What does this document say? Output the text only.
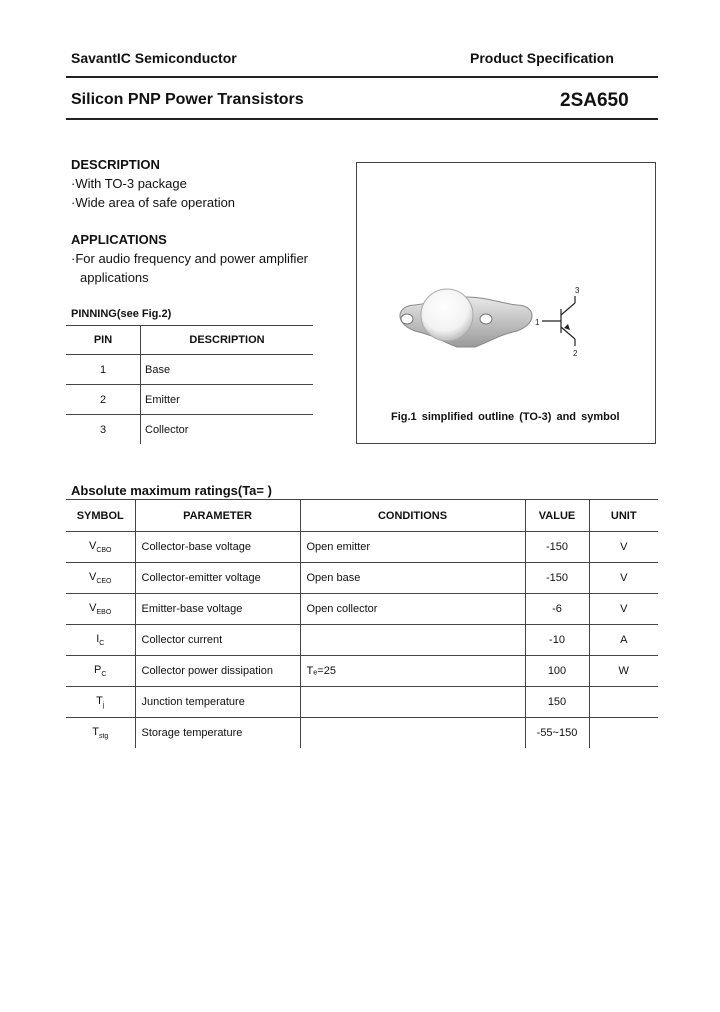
SavantIC Semiconductor	Product Specification
Silicon PNP Power Transistors	2SA650
DESCRIPTION
·With TO-3 package
·Wide area of safe operation
APPLICATIONS
·For audio frequency and power amplifier
applications
PINNING(see Fig.2)
PIN	DESCRIPTION
1	Base
2	Emitter
3	Collector
1
3
2
Fig.1 simplified outline (TO-3) and symbol
Absolute maximum ratings(Ta= )
SYMBOL	PARAMETER	CONDITIONS	VALUE	UNIT
$V_{CBO}$	Collector-base voltage	Open emitter	-150	V
$V_{CEO}$	Collector-emitter voltage	Open base	-150	V
$V_{EBO}$	Emitter-base voltage	Open collector	-6	V
$I_C$	Collector current		-10	A
$P_C$	Collector power dissipation	Tₑ=25	100	W
$T_j$	Junction temperature		150	
$T_{stg}$	Storage temperature		-55~150	
